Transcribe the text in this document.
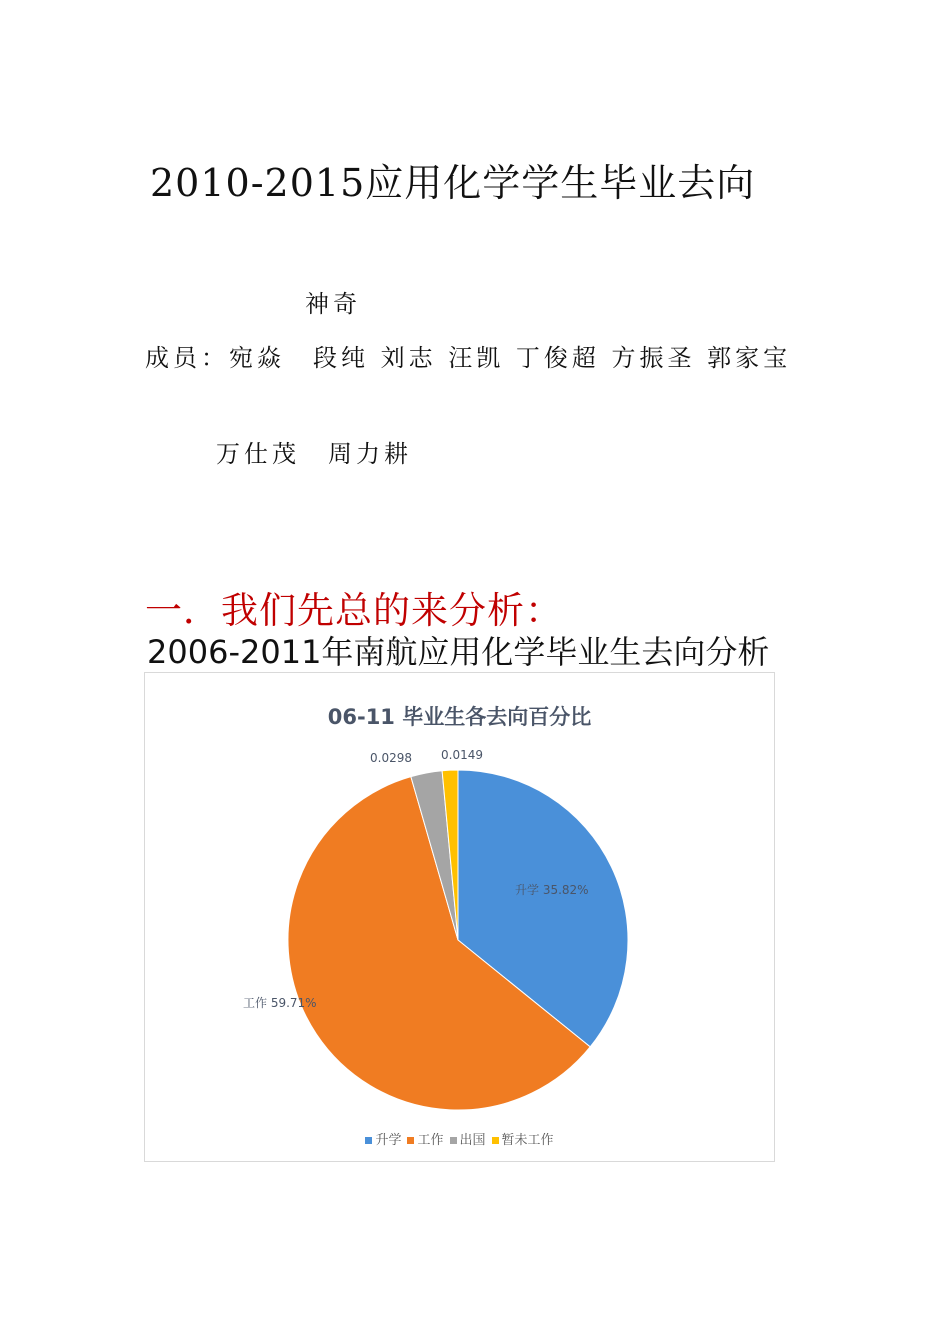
2010-2015应用化学学生毕业去向
神奇
成员：宛焱　段纯 刘志 汪凯 丁俊超 方振圣 郭家宝
万仕茂　周力耕
一．我们先总的来分析：
2006-2011年南航应用化学毕业生去向分析
升学 35.82%
工作 59.71%
0.0298 0.0149
06-11 毕业生各去向百分比
升学 工作 出国 暂未工作
